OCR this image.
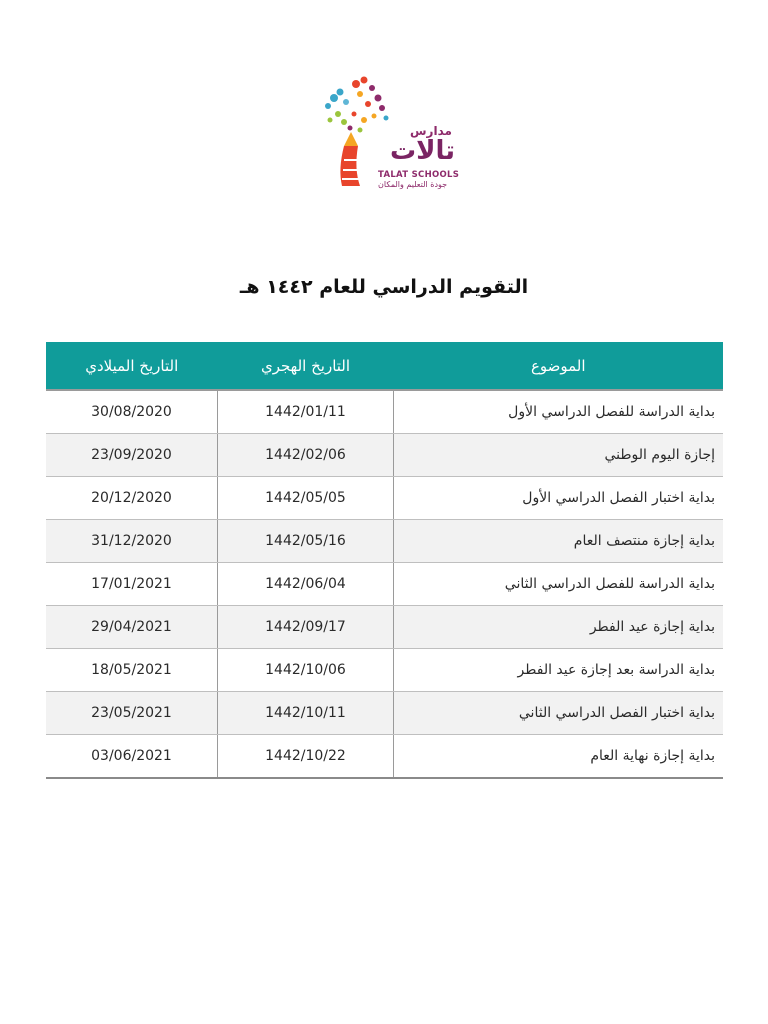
مدارس
تالات
TALAT SCHOOLS
جودة التعليم والمكان
التقويم الدراسي للعام ١٤٤٢ هـ
الموضوع	التاريخ الهجري	التاريخ الميلادي
بداية الدراسة للفصل الدراسي الأول	1442/01/11	30/08/2020
إجازة اليوم الوطني	1442/02/06	23/09/2020
بداية اختبار الفصل الدراسي الأول	1442/05/05	20/12/2020
بداية إجازة منتصف العام	1442/05/16	31/12/2020
بداية الدراسة للفصل الدراسي الثاني	1442/06/04	17/01/2021
بداية إجازة عيد الفطر	1442/09/17	29/04/2021
بداية الدراسة بعد إجازة عيد الفطر	1442/10/06	18/05/2021
بداية اختبار الفصل الدراسي الثاني	1442/10/11	23/05/2021
بداية إجازة نهاية العام	1442/10/22	03/06/2021
